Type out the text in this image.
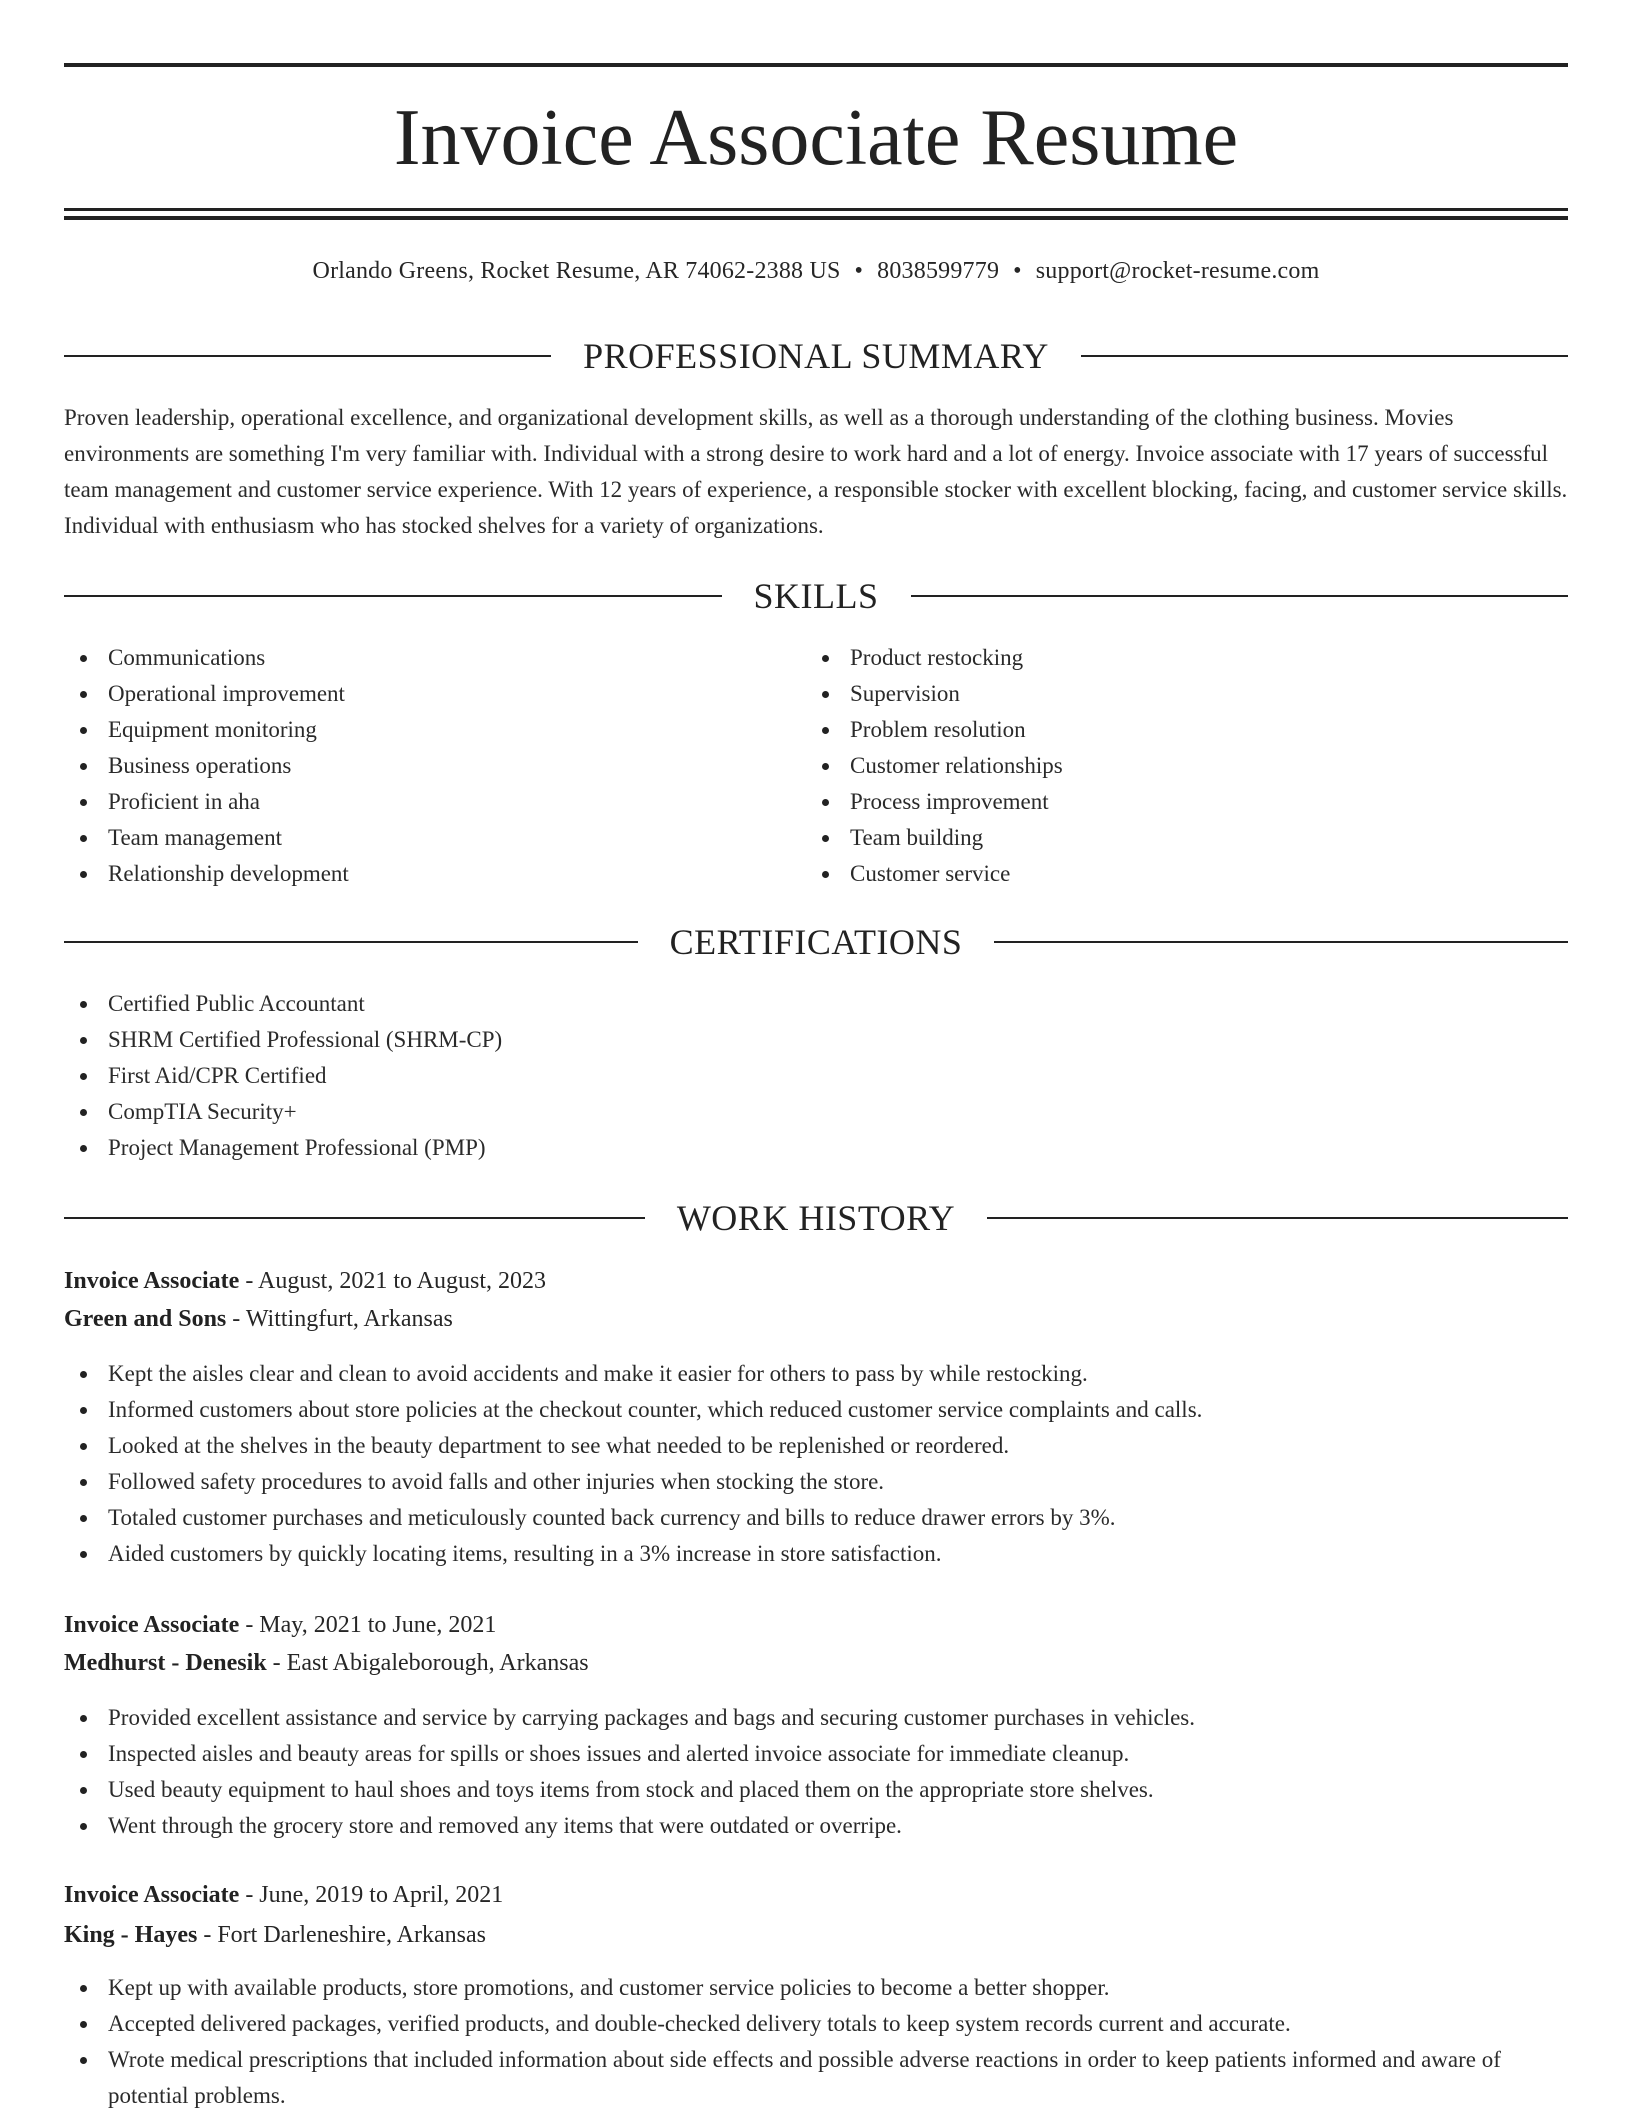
Invoice Associate Resume
Orlando Greens, Rocket Resume, AR 74062-2388 US • 8038599779 • support@rocket-resume.com
PROFESSIONAL SUMMARY

Proven leadership, operational excellence, and organizational development skills, as well as a thorough understanding of the clothing business. Movies environments are something I'm very familiar with. Individual with a strong desire to work hard and a lot of energy. Invoice associate with 17 years of successful team management and customer service experience. With 12 years of experience, a responsible stocker with excellent blocking, facing, and customer service skills. Individual with enthusiasm who has stocked shelves for a variety of organizations.

SKILLS
Communications
Operational improvement
Equipment monitoring
Business operations
Proficient in aha
Team management
Relationship development
Product restocking
Supervision
Problem resolution
Customer relationships
Process improvement
Team building
Customer service
CERTIFICATIONS
Certified Public Accountant
SHRM Certified Professional (SHRM-CP)
First Aid/CPR Certified
CompTIA Security+
Project Management Professional (PMP)
WORK HISTORY
Invoice Associate - August, 2021 to August, 2023
Green and Sons - Wittingfurt, Arkansas
Kept the aisles clear and clean to avoid accidents and make it easier for others to pass by while restocking.
Informed customers about store policies at the checkout counter, which reduced customer service complaints and calls.
Looked at the shelves in the beauty department to see what needed to be replenished or reordered.
Followed safety procedures to avoid falls and other injuries when stocking the store.
Totaled customer purchases and meticulously counted back currency and bills to reduce drawer errors by 3%.
Aided customers by quickly locating items, resulting in a 3% increase in store satisfaction.
Invoice Associate - May, 2021 to June, 2021
Medhurst - Denesik - East Abigaleborough, Arkansas
Provided excellent assistance and service by carrying packages and bags and securing customer purchases in vehicles.
Inspected aisles and beauty areas for spills or shoes issues and alerted invoice associate for immediate cleanup.
Used beauty equipment to haul shoes and toys items from stock and placed them on the appropriate store shelves.
Went through the grocery store and removed any items that were outdated or overripe.
Invoice Associate - June, 2019 to April, 2021
King - Hayes - Fort Darleneshire, Arkansas
Kept up with available products, store promotions, and customer service policies to become a better shopper.
Accepted delivered packages, verified products, and double-checked delivery totals to keep system records current and accurate.
Wrote medical prescriptions that included information about side effects and possible adverse reactions in order to keep patients informed and aware of potential problems.
